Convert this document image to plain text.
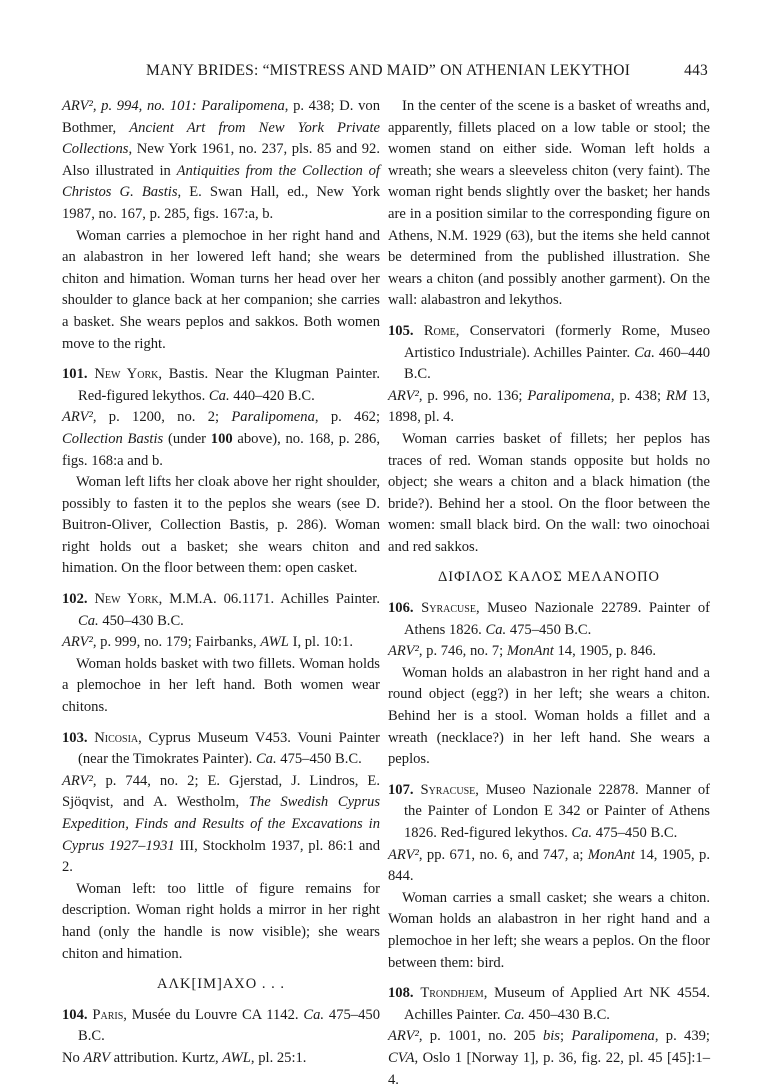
MANY BRIDES: “MISTRESS AND MAID” ON ATHENIAN LEKYTHOI	443

ARV², p. 994, no. 101: Paralipomena, p. 438; D. von Bothmer, Ancient Art from New York Private Collections, New York 1961, no. 237, pls. 85 and 92. Also illustrated in Antiquities from the Collection of Christos G. Bastis, E. Swan Hall, ed., New York 1987, no. 167, p. 285, figs. 167:a, b.

Woman carries a plemochoe in her right hand and an alabastron in her lowered left hand; she wears chiton and himation. Woman turns her head over her shoulder to glance back at her companion; she carries a basket. She wears peplos and sakkos. Both women move to the right.

101. New York, Bastis. Near the Klugman Painter. Red-figured lekythos. Ca. 440–420 B.C.

ARV², p. 1200, no. 2; Paralipomena, p. 462; Collection Bastis (under 100 above), no. 168, p. 286, figs. 168:a and b.

Woman left lifts her cloak above her right shoulder, possibly to fasten it to the peplos she wears (see D. Buitron-Oliver, Collection Bastis, p. 286). Woman right holds out a basket; she wears chiton and himation. On the floor between them: open casket.

102. New York, M.M.A. 06.1171. Achilles Painter. Ca. 450–430 B.C.

ARV², p. 999, no. 179; Fairbanks, AWL I, pl. 10:1.

Woman holds basket with two fillets. Woman holds a plemochoe in her left hand. Both women wear chitons.

103. Nicosia, Cyprus Museum V453. Vouni Painter (near the Timokrates Painter). Ca. 475–450 B.C.

ARV², p. 744, no. 2; E. Gjerstad, J. Lindros, E. Sjöqvist, and A. Westholm, The Swedish Cyprus Expedition, Finds and Results of the Excavations in Cyprus 1927–1931 III, Stockholm 1937, pl. 86:1 and 2.

Woman left: too little of figure remains for description. Woman right holds a mirror in her right hand (only the handle is now visible); she wears chiton and himation.

ΑΛΚ[ΙΜ]ΑΧΟ . . .

104. Paris, Musée du Louvre CA 1142. Ca. 475–450 B.C.

No ARV attribution. Kurtz, AWL, pl. 25:1.

In the center of the scene is a basket of wreaths and, apparently, fillets placed on a low table or stool; the women stand on either side. Woman left holds a wreath; she wears a sleeveless chiton (very faint). The woman right bends slightly over the basket; her hands are in a position similar to the corresponding figure on Athens, N.M. 1929 (63), but the items she held cannot be determined from the published illustration. She wears a chiton (and possibly another garment). On the wall: alabastron and lekythos.

105. Rome, Conservatori (formerly Rome, Museo Artistico Industriale). Achilles Painter. Ca. 460–440 B.C.

ARV², p. 996, no. 136; Paralipomena, p. 438; RM 13, 1898, pl. 4.

Woman carries basket of fillets; her peplos has traces of red. Woman stands opposite but holds no object; she wears a chiton and a black himation (the bride?). Behind her a stool. On the floor between the women: small black bird. On the wall: two oinochoai and red sakkos.

ΔΙΦΙΛΟΣ ΚΑΛΟΣ ΜΕΛΑΝΟΠΟ

106. Syracuse, Museo Nazionale 22789. Painter of Athens 1826. Ca. 475–450 B.C.

ARV², p. 746, no. 7; MonAnt 14, 1905, p. 846.

Woman holds an alabastron in her right hand and a round object (egg?) in her left; she wears a chiton. Behind her is a stool. Woman holds a fillet and a wreath (necklace?) in her left hand. She wears a peplos.

107. Syracuse, Museo Nazionale 22878. Manner of the Painter of London E 342 or Painter of Athens 1826. Red-figured lekythos. Ca. 475–450 B.C.

ARV², pp. 671, no. 6, and 747, a; MonAnt 14, 1905, p. 844.

Woman carries a small casket; she wears a chiton. Woman holds an alabastron in her right hand and a plemochoe in her left; she wears a peplos. On the floor between them: bird.

108. Trondhjem, Museum of Applied Art NK 4554. Achilles Painter. Ca. 450–430 B.C.

ARV², p. 1001, no. 205 bis; Paralipomena, p. 439; CVA, Oslo 1 [Norway 1], p. 36, fig. 22, pl. 45 [45]:1–4.
